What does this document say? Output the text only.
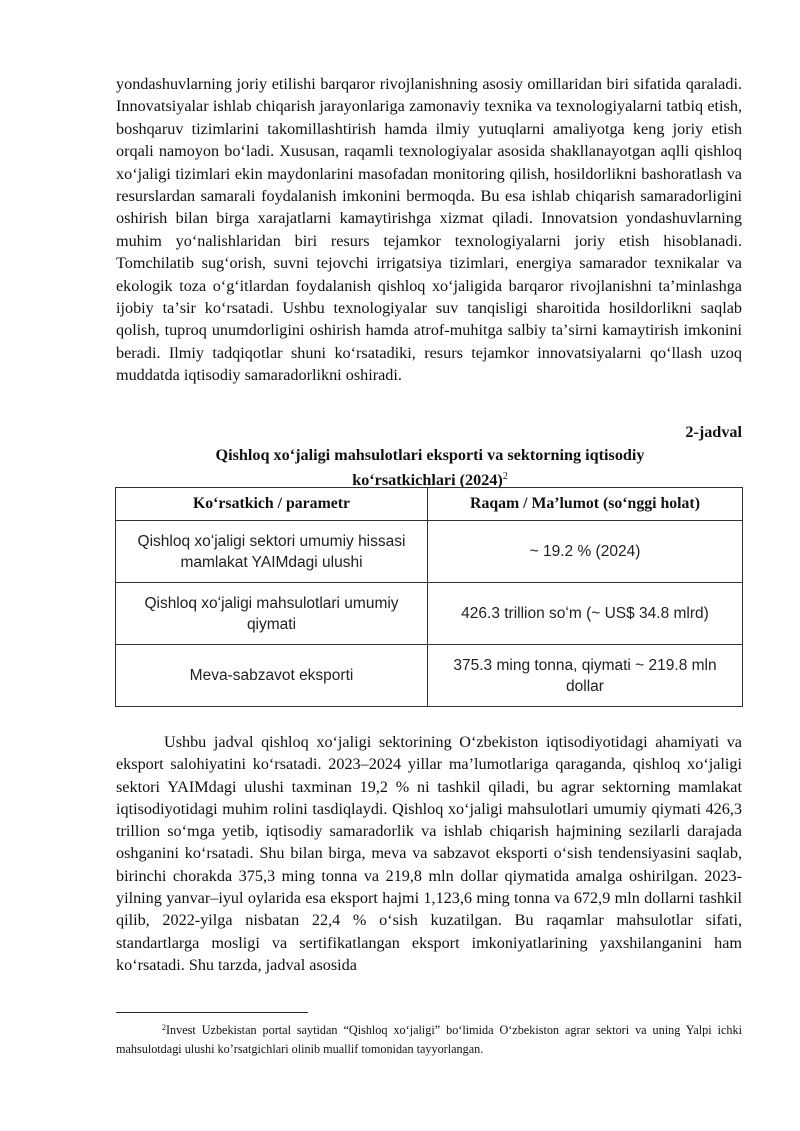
yondashuvlarning joriy etilishi barqaror rivojlanishning asosiy omillaridan biri sifatida qaraladi. Innovatsiyalar ishlab chiqarish jarayonlariga zamonaviy texnika va texnologiyalarni tatbiq etish, boshqaruv tizimlarini takomillashtirish hamda ilmiy yutuqlarni amaliyotga keng joriy etish orqali namoyon boʻladi. Xususan, raqamli texnologiyalar asosida shakllanayotgan aqlli qishloq xoʻjaligi tizimlari ekin maydonlarini masofadan monitoring qilish, hosildorlikni bashoratlash va resurslardan samarali foydalanish imkonini bermoqda. Bu esa ishlab chiqarish samaradorligini oshirish bilan birga xarajatlarni kamaytirishga xizmat qiladi. Innovatsion yondashuvlarning muhim yoʻnalishlaridan biri resurs tejamkor texnologiyalarni joriy etish hisoblanadi. Tomchilatib sugʻorish, suvni tejovchi irrigatsiya tizimlari, energiya samarador texnikalar va ekologik toza oʻgʻitlardan foydalanish qishloq xoʻjaligida barqaror rivojlanishni taʼminlashga ijobiy taʼsir koʻrsatadi. Ushbu texnologiyalar suv tanqisligi sharoitida hosildorlikni saqlab qolish, tuproq unumdorligini oshirish hamda atrof-muhitga salbiy taʼsirni kamaytirish imkonini beradi. Ilmiy tadqiqotlar shuni koʻrsatadiki, resurs tejamkor innovatsiyalarni qoʻllash uzoq muddatda iqtisodiy samaradorlikni oshiradi.

2-jadval

Qishloq xoʻjaligi mahsulotlari eksporti va sektorning iqtisodiy koʻrsatkichlari $(2024)^2$

Koʻrsatkich / parametr	Raqam / Maʼlumot (soʻnggi holat)
Qishloq xoʻjaligi sektori umumiy hissasi mamlakat YAIMdagi ulushi	~ 19.2 % (2024)
Qishloq xoʻjaligi mahsulotlari umumiy qiymati	426.3 trillion soʻm (~ US$ 34.8 mlrd)
Meva-sabzavot eksporti	375.3 ming tonna, qiymati ~ 219.8 mln dollar

Ushbu jadval qishloq xoʻjaligi sektorining Oʻzbekiston iqtisodiyotidagi ahamiyati va eksport salohiyatini koʻrsatadi. 2023–2024 yillar maʼlumotlariga qaraganda, qishloq xoʻjaligi sektori YAIMdagi ulushi taxminan 19,2 % ni tashkil qiladi, bu agrar sektorning mamlakat iqtisodiyotidagi muhim rolini tasdiqlaydi. Qishloq xoʻjaligi mahsulotlari umumiy qiymati 426,3 trillion soʻmga yetib, iqtisodiy samaradorlik va ishlab chiqarish hajmining sezilarli darajada oshganini koʻrsatadi. Shu bilan birga, meva va sabzavot eksporti oʻsish tendensiyasini saqlab, birinchi chorakda 375,3 ming tonna va 219,8 mln dollar qiymatida amalga oshirilgan. 2023-yilning yanvar–iyul oylarida esa eksport hajmi 1,123,6 ming tonna va 672,9 mln dollarni tashkil qilib, 2022-yilga nisbatan 22,4 % oʻsish kuzatilgan. Bu raqamlar mahsulotlar sifati, standartlarga mosligi va sertifikatlangan eksport imkoniyatlarining yaxshilanganini ham koʻrsatadi. Shu tarzda, jadval asosida

$^2$Invest Uzbekistan portal saytidan “Qishloq xoʻjaligi” boʻlimida Oʻzbekiston agrar sektori va uning Yalpi ichki mahsulotdagi ulushi koʼrsatgichlari olinib muallif tomonidan tayyorlangan.
